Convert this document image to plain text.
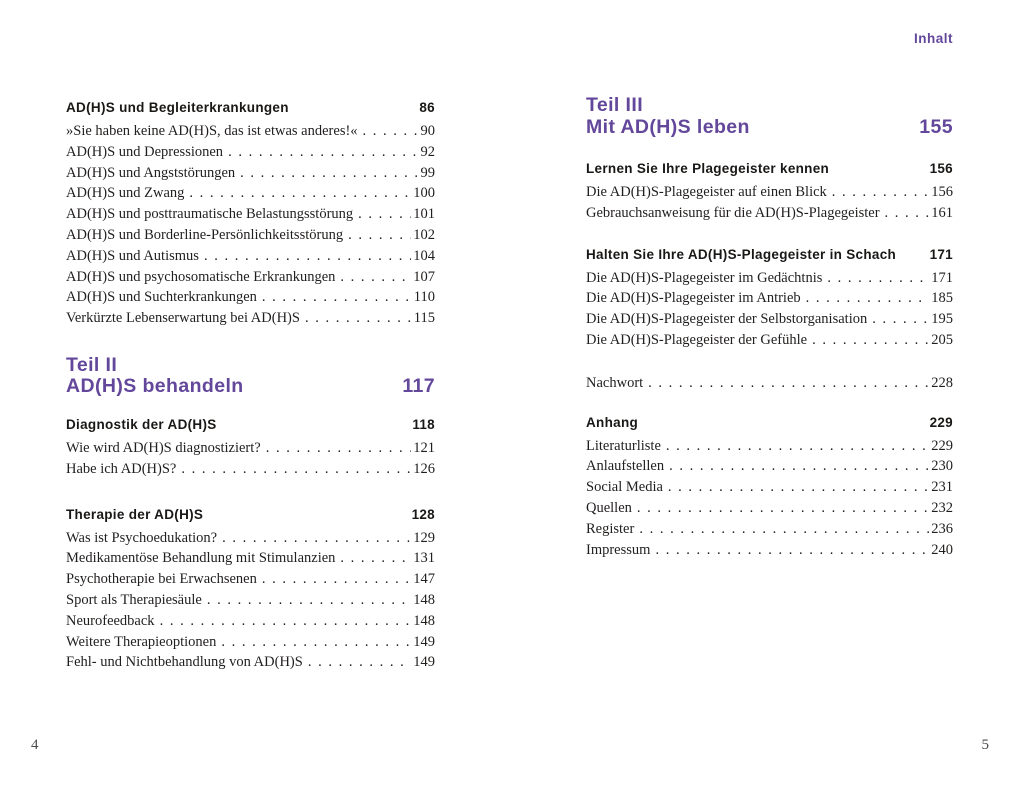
Inhalt
AD(H)S und Begleiterkrankungen	86
»Sie haben keine AD(H)S, das ist etwas anderes!« . . .	90
AD(H)S und Depressionen . . .	92
AD(H)S und Angststörungen . . .	99
AD(H)S und Zwang . . .	100
AD(H)S und posttraumatische Belastungsstörung . . .	101
AD(H)S und Borderline-Persönlichkeitsstörung . . .	102
AD(H)S und Autismus . . .	104
AD(H)S und psychosomatische Erkrankungen . . .	107
AD(H)S und Suchterkrankungen . . .	110
Verkürzte Lebenserwartung bei AD(H)S . . .	115
Teil II
AD(H)S behandeln	117
Diagnostik der AD(H)S	118
Wie wird AD(H)S diagnostiziert? . . .	121
Habe ich AD(H)S? . . .	126
Therapie der AD(H)S	128
Was ist Psychoedukation? . . .	129
Medikamentöse Behandlung mit Stimulanzien . . .	131
Psychotherapie bei Erwachsenen . . .	147
Sport als Therapiesäule . . .	148
Neurofeedback . . .	148
Weitere Therapieoptionen . . .	149
Fehl- und Nichtbehandlung von AD(H)S . . .	149
Teil III
Mit AD(H)S leben	155
Lernen Sie Ihre Plagegeister kennen	156
Die AD(H)S-Plagegeister auf einen Blick . . .	156
Gebrauchsanweisung für die AD(H)S-Plagegeister . . .	161
Halten Sie Ihre AD(H)S-Plagegeister in Schach 171
Die AD(H)S-Plagegeister im Gedächtnis . . .	171
Die AD(H)S-Plagegeister im Antrieb . . .	185
Die AD(H)S-Plagegeister der Selbstorganisation . . .	195
Die AD(H)S-Plagegeister der Gefühle . . .	205
Nachwort . . .	228
Anhang	229
Literaturliste . . .	229
Anlaufstellen . . .	230
Social Media . . .	231
Quellen . . .	232
Register . . .	236
Impressum . . .	240
4	5
